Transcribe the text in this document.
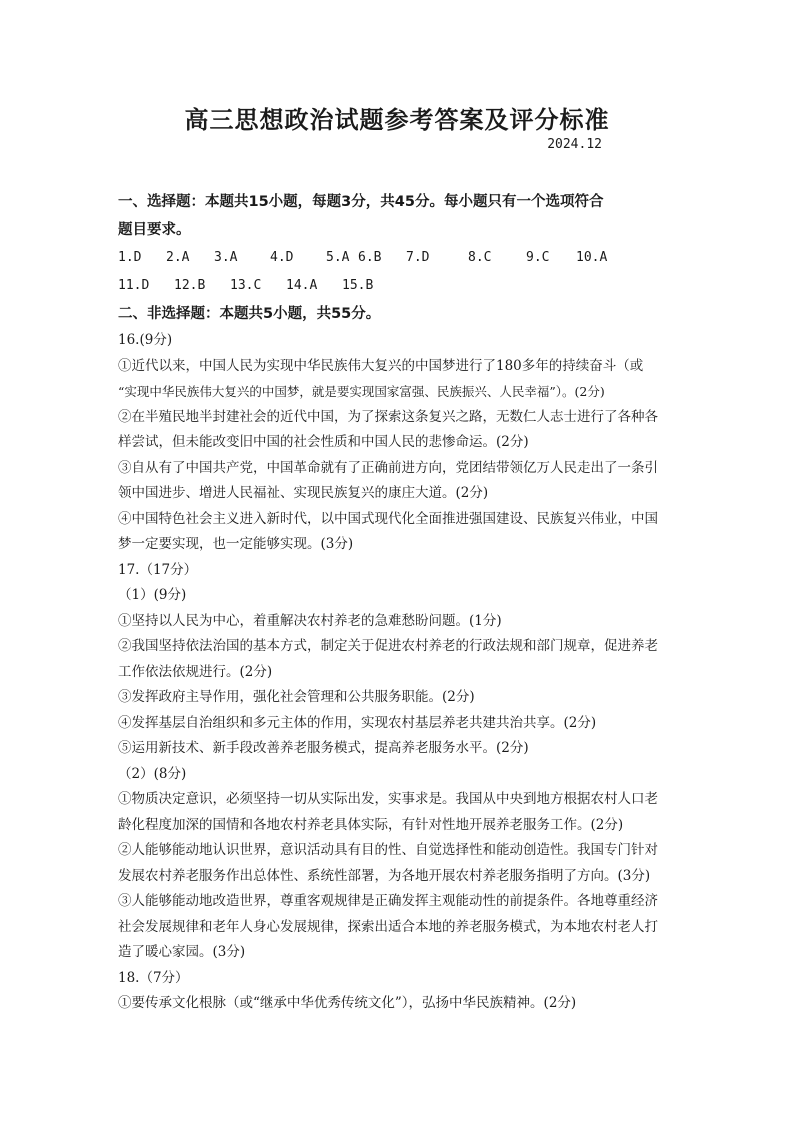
高三思想政治试题参考答案及评分标准
2024.12
一、选择题：本题共15小题，每题3分，共45分。每小题只有一个选项符合
题目要求。
1.D	2.A	3.A	4.D	5.A 6.B	7.D	8.C	9.C	10.A
11.D	12.B	13.C	14.A	15.B
二、非选择题：本题共5小题，共55分。
16.(9分)
①近代以来，中国人民为实现中华民族伟大复兴的中国梦进行了180多年的持续奋斗（或
“实现中华民族伟大复兴的中国梦，就是要实现国家富强、民族振兴、人民幸福”）。(2分)
②在半殖民地半封建社会的近代中国，为了探索这条复兴之路，无数仁人志士进行了各种各
样尝试，但未能改变旧中国的社会性质和中国人民的悲惨命运。(2分)
③自从有了中国共产党，中国革命就有了正确前进方向，党团结带领亿万人民走出了一条引
领中国进步、增进人民福祉、实现民族复兴的康庄大道。(2分)
④中国特色社会主义进入新时代，以中国式现代化全面推进强国建设、民族复兴伟业，中国
梦一定要实现，也一定能够实现。(3分)
17.（17分）
（1）(9分)
①坚持以人民为中心，着重解决农村养老的急难愁盼问题。(1分)
②我国坚持依法治国的基本方式，制定关于促进农村养老的行政法规和部门规章，促进养老
工作依法依规进行。(2分)
③发挥政府主导作用，强化社会管理和公共服务职能。(2分)
④发挥基层自治组织和多元主体的作用，实现农村基层养老共建共治共享。(2分)
⑤运用新技术、新手段改善养老服务模式，提高养老服务水平。(2分)
（2）(8分)
①物质决定意识，必须坚持一切从实际出发，实事求是。我国从中央到地方根据农村人口老
龄化程度加深的国情和各地农村养老具体实际，有针对性地开展养老服务工作。(2分)
②人能够能动地认识世界，意识活动具有目的性、自觉选择性和能动创造性。我国专门针对
发展农村养老服务作出总体性、系统性部署，为各地开展农村养老服务指明了方向。(3分)
③人能够能动地改造世界，尊重客观规律是正确发挥主观能动性的前提条件。各地尊重经济
社会发展规律和老年人身心发展规律，探索出适合本地的养老服务模式，为本地农村老人打
造了暖心家园。(3分)
18.（7分）
①要传承文化根脉（或“继承中华优秀传统文化”），弘扬中华民族精神。(2分)
